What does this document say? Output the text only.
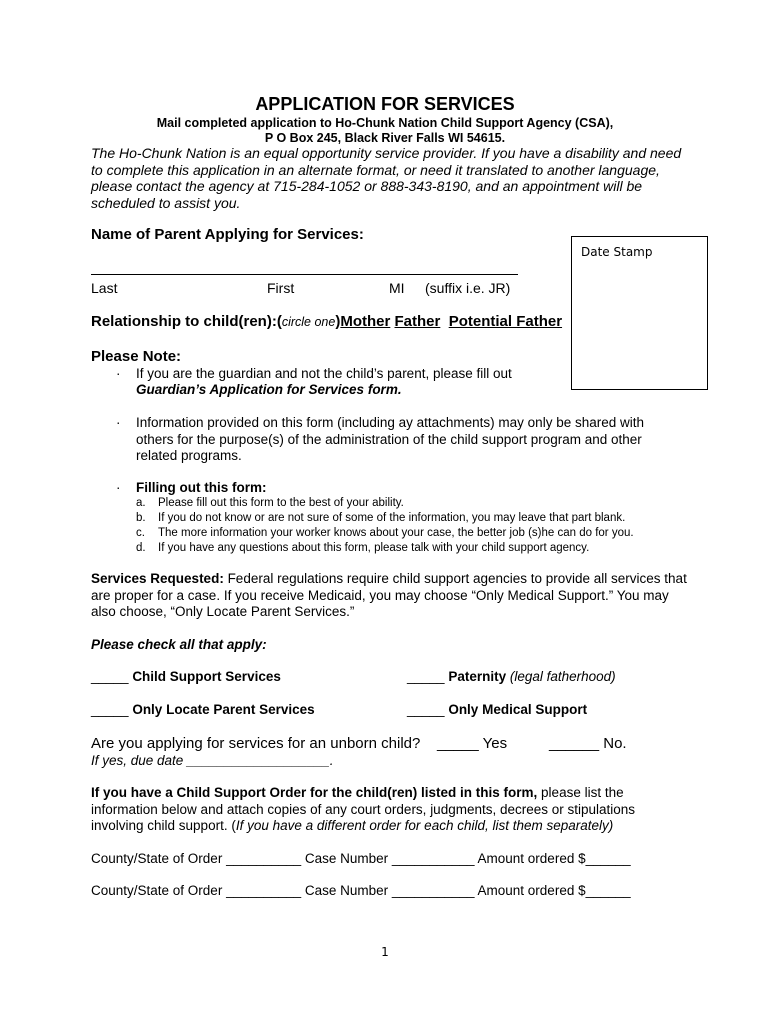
APPLICATION FOR SERVICES
Mail completed application to Ho-Chunk Nation Child Support Agency (CSA),
P O Box 245, Black River Falls WI 54615.
The Ho-Chunk Nation is an equal opportunity service provider. If you have a disability and need to complete this application in an alternate format, or need it translated to another language, please contact the agency at 715-284-1052 or 888-343-8190, and an appointment will be scheduled to assist you.
Date Stamp
Name of Parent Applying for Services:
Last	First	MI (suffix i.e. JR)
Relationship to child(ren):(circle one)Mother Father Potential Father
Please Note:
· If you are the guardian and not the child’s parent, please fill out
Guardian’s Application for Services form.
· Information provided on this form (including ay attachments) may only be shared with others for the purpose(s) of the administration of the child support program and other related programs.
· Filling out this form:
a. Please fill out this form to the best of your ability.
b. If you do not know or are not sure of some of the information, you may leave that part blank.
c. The more information your worker knows about your case, the better job (s)he can do for you.
d. If you have any questions about this form, please talk with your child support agency.
Services Requested: Federal regulations require child support agencies to provide all services that are proper for a case. If you receive Medicaid, you may choose “Only Medical Support.” You may also choose, “Only Locate Parent Services.”
Please check all that apply:
_____ Child Support Services	_____ Paternity (legal fatherhood)
_____ Only Locate Parent Services	_____ Only Medical Support
Are you applying for services for an unborn child? _____ Yes	______ No.
If yes, due date ___________________.
If you have a Child Support Order for the child(ren) listed in this form, please list the information below and attach copies of any court orders, judgments, decrees or stipulations involving child support. (If you have a different order for each child, list them separately)
County/State of Order __________ Case Number ___________ Amount ordered $______
County/State of Order __________ Case Number ___________ Amount ordered $______
1
